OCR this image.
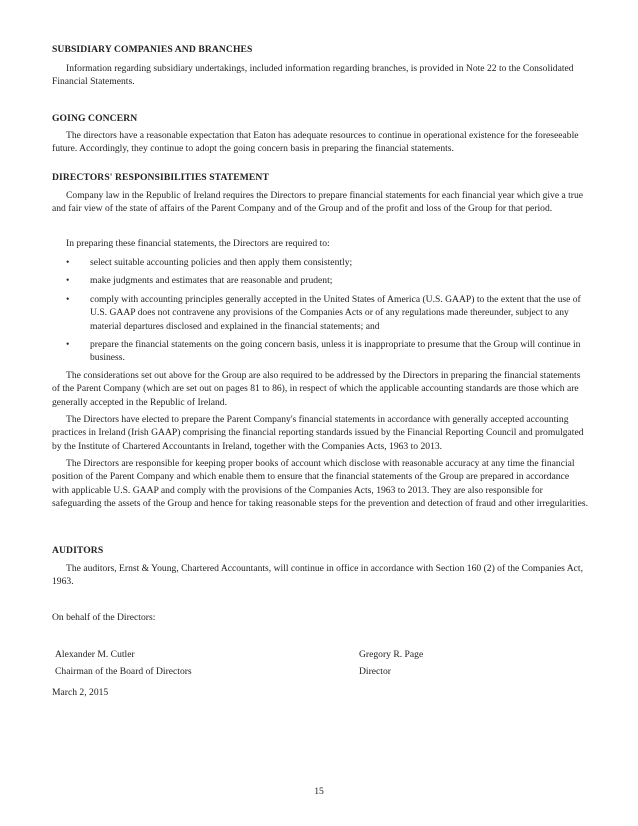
SUBSIDIARY COMPANIES AND BRANCHES

Information regarding subsidiary undertakings, included information regarding branches, is provided in Note 22 to the Consolidated Financial Statements.

GOING CONCERN

The directors have a reasonable expectation that Eaton has adequate resources to continue in operational existence for the foreseeable future. Accordingly, they continue to adopt the going concern basis in preparing the financial statements.

DIRECTORS' RESPONSIBILITIES STATEMENT

Company law in the Republic of Ireland requires the Directors to prepare financial statements for each financial year which give a true and fair view of the state of affairs of the Parent Company and of the Group and of the profit and loss of the Group for that period.

In preparing these financial statements, the Directors are required to:

•	select suitable accounting policies and then apply them consistently;

•	make judgments and estimates that are reasonable and prudent;

•	comply with accounting principles generally accepted in the United States of America (U.S. GAAP) to the extent that the use of U.S. GAAP does not contravene any provisions of the Companies Acts or of any regulations made thereunder, subject to any material departures disclosed and explained in the financial statements; and

•	prepare the financial statements on the going concern basis, unless it is inappropriate to presume that the Group will continue in business.

The considerations set out above for the Group are also required to be addressed by the Directors in preparing the financial statements of the Parent Company (which are set out on pages 81 to 86), in respect of which the applicable accounting standards are those which are generally accepted in the Republic of Ireland.

The Directors have elected to prepare the Parent Company's financial statements in accordance with generally accepted accounting practices in Ireland (Irish GAAP) comprising the financial reporting standards issued by the Financial Reporting Council and promulgated by the Institute of Chartered Accountants in Ireland, together with the Companies Acts, 1963 to 2013.

The Directors are responsible for keeping proper books of account which disclose with reasonable accuracy at any time the financial position of the Parent Company and which enable them to ensure that the financial statements of the Group are prepared in accordance with applicable U.S. GAAP and comply with the provisions of the Companies Acts, 1963 to 2013. They are also responsible for safeguarding the assets of the Group and hence for taking reasonable steps for the prevention and detection of fraud and other irregularities.

AUDITORS

The auditors, Ernst & Young, Chartered Accountants, will continue in office in accordance with Section 160 (2) of the Companies Act, 1963.

On behalf of the Directors:
Alexander M. Cutler
Chairman of the Board of Directors
Gregory R. Page
Director
March 2, 2015
15
